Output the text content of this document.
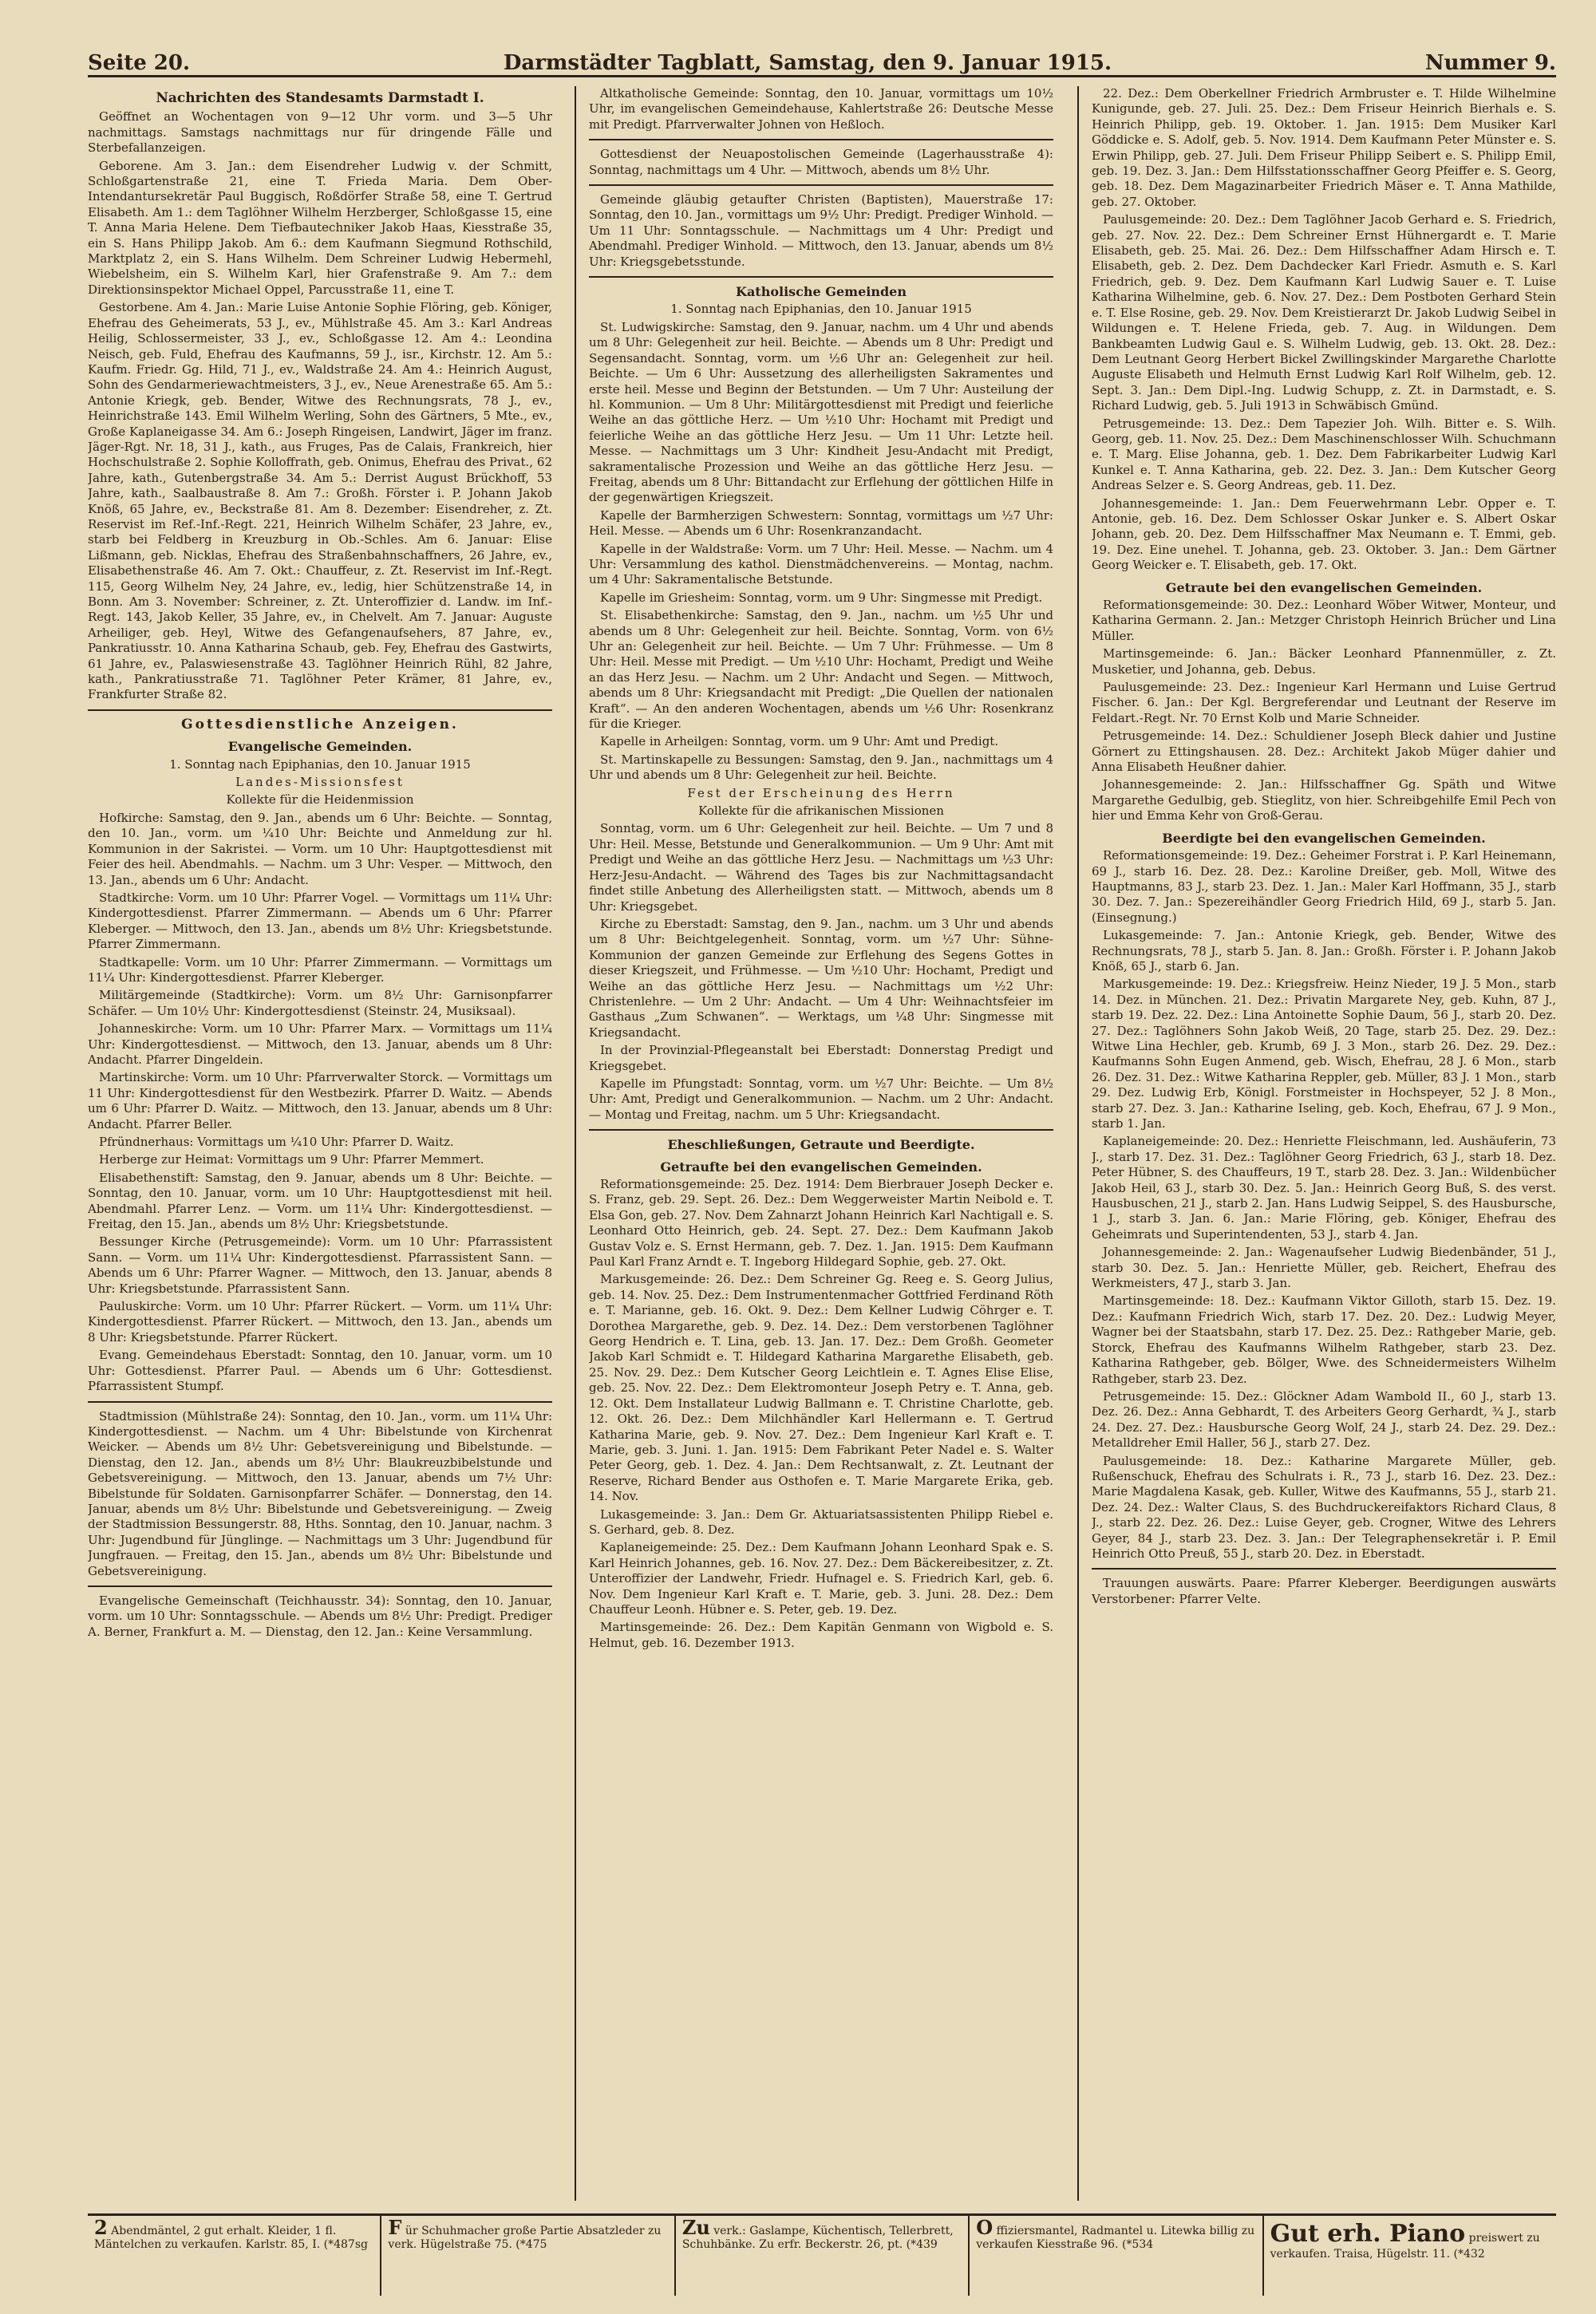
Seite 20.	Darmstädter Tagblatt, Samstag, den 9. Januar 1915.	Nummer 9.
Nachrichten des Standesamts Darmstadt I.

Geöffnet an Wochentagen von 9—12 Uhr vorm. und 3—5 Uhr nachmittags. Samstags nachmittags nur für dringende Fälle und Sterbefallanzeigen.

Geborene. Am 3. Jan.: dem Eisendreher Ludwig v. der Schmitt, Schloßgartenstraße 21, eine T. Frieda Maria. Dem Ober-Intendantursekretär Paul Buggisch, Roßdörfer Straße 58, eine T. Gertrud Elisabeth. Am 1.: dem Taglöhner Wilhelm Herzberger, Schloßgasse 15, eine T. Anna Maria Helene. Dem Tiefbautechniker Jakob Haas, Kiesstraße 35, ein S. Hans Philipp Jakob. Am 6.: dem Kaufmann Siegmund Rothschild, Marktplatz 2, ein S. Hans Wilhelm. Dem Schreiner Ludwig Hebermehl, Wiebelsheim, ein S. Wilhelm Karl, hier Grafenstraße 9. Am 7.: dem Direktionsinspektor Michael Oppel, Parcusstraße 11, eine T.

Gestorbene. Am 4. Jan.: Marie Luise Antonie Sophie Flöring, geb. Königer, Ehefrau des Geheimerats, 53 J., ev., Mühlstraße 45. Am 3.: Karl Andreas Heilig, Schlossermeister, 33 J., ev., Schloßgasse 12. Am 4.: Leondina Neisch, geb. Fuld, Ehefrau des Kaufmanns, 59 J., isr., Kirchstr. 12. Am 5.: Kaufm. Friedr. Gg. Hild, 71 J., ev., Waldstraße 24. Am 4.: Heinrich August, Sohn des Gendarmeriewachtmeisters, 3 J., ev., Neue Arenestraße 65. Am 5.: Antonie Kriegk, geb. Bender, Witwe des Rechnungsrats, 78 J., ev., Heinrichstraße 143. Emil Wilhelm Werling, Sohn des Gärtners, 5 Mte., ev., Große Kaplaneigasse 34. Am 6.: Joseph Ringeisen, Landwirt, Jäger im franz. Jäger-Rgt. Nr. 18, 31 J., kath., aus Fruges, Pas de Calais, Frankreich, hier Hochschulstraße 2. Sophie Kolloffrath, geb. Onimus, Ehefrau des Privat., 62 Jahre, kath., Gutenbergstraße 34. Am 5.: Derrist August Brückhoff, 53 Jahre, kath., Saalbaustraße 8. Am 7.: Großh. Förster i. P. Johann Jakob Knöß, 65 Jahre, ev., Beckstraße 81. Am 8. Dezember: Eisendreher, z. Zt. Reservist im Ref.-Inf.-Regt. 221, Heinrich Wilhelm Schäfer, 23 Jahre, ev., starb bei Feldberg in Kreuzburg in Ob.-Schles. Am 6. Januar: Elise Lißmann, geb. Nicklas, Ehefrau des Straßenbahnschaffners, 26 Jahre, ev., Elisabethenstraße 46. Am 7. Okt.: Chauffeur, z. Zt. Reservist im Inf.-Regt. 115, Georg Wilhelm Ney, 24 Jahre, ev., ledig, hier Schützenstraße 14, in Bonn. Am 3. November: Schreiner, z. Zt. Unteroffizier d. Landw. im Inf.-Regt. 143, Jakob Keller, 35 Jahre, ev., in Chelvelt. Am 7. Januar: Auguste Arheiliger, geb. Heyl, Witwe des Gefangenaufsehers, 87 Jahre, ev., Pankratiusstr. 10. Anna Katharina Schaub, geb. Fey, Ehefrau des Gastwirts, 61 Jahre, ev., Palaswiesenstraße 43. Taglöhner Heinrich Rühl, 82 Jahre, kath., Pankratiusstraße 71. Taglöhner Peter Krämer, 81 Jahre, ev., Frankfurter Straße 82.

Gottesdienstliche Anzeigen.
Evangelische Gemeinden.

1. Sonntag nach Epiphanias, den 10. Januar 1915

Landes-Missionsfest

Kollekte für die Heidenmission

Hofkirche: Samstag, den 9. Jan., abends um 6 Uhr: Beichte. — Sonntag, den 10. Jan., vorm. um ¼10 Uhr: Beichte und Anmeldung zur hl. Kommunion in der Sakristei. — Vorm. um 10 Uhr: Hauptgottesdienst mit Feier des heil. Abendmahls. — Nachm. um 3 Uhr: Vesper. — Mittwoch, den 13. Jan., abends um 6 Uhr: Andacht.

Stadtkirche: Vorm. um 10 Uhr: Pfarrer Vogel. — Vormittags um 11¼ Uhr: Kindergottesdienst. Pfarrer Zimmermann. — Abends um 6 Uhr: Pfarrer Kleberger. — Mittwoch, den 13. Jan., abends um 8½ Uhr: Kriegsbetstunde. Pfarrer Zimmermann.

Stadtkapelle: Vorm. um 10 Uhr: Pfarrer Zimmermann. — Vormittags um 11¼ Uhr: Kindergottesdienst. Pfarrer Kleberger.

Militärgemeinde (Stadtkirche): Vorm. um 8½ Uhr: Garnisonpfarrer Schäfer. — Um 10½ Uhr: Kindergottesdienst (Steinstr. 24, Musiksaal).

Johanneskirche: Vorm. um 10 Uhr: Pfarrer Marx. — Vormittags um 11¼ Uhr: Kindergottesdienst. — Mittwoch, den 13. Januar, abends um 8 Uhr: Andacht. Pfarrer Dingeldein.

Martinskirche: Vorm. um 10 Uhr: Pfarrverwalter Storck. — Vormittags um 11 Uhr: Kindergottesdienst für den Westbezirk. Pfarrer D. Waitz. — Abends um 6 Uhr: Pfarrer D. Waitz. — Mittwoch, den 13. Januar, abends um 8 Uhr: Andacht. Pfarrer Beller.

Pfründnerhaus: Vormittags um ¼10 Uhr: Pfarrer D. Waitz.

Herberge zur Heimat: Vormittags um 9 Uhr: Pfarrer Memmert.

Elisabethenstift: Samstag, den 9. Januar, abends um 8 Uhr: Beichte. — Sonntag, den 10. Januar, vorm. um 10 Uhr: Hauptgottesdienst mit heil. Abendmahl. Pfarrer Lenz. — Vorm. um 11¼ Uhr: Kindergottesdienst. — Freitag, den 15. Jan., abends um 8½ Uhr: Kriegsbetstunde.

Bessunger Kirche (Petrusgemeinde): Vorm. um 10 Uhr: Pfarrassistent Sann. — Vorm. um 11¼ Uhr: Kindergottesdienst. Pfarrassistent Sann. — Abends um 6 Uhr: Pfarrer Wagner. — Mittwoch, den 13. Januar, abends 8 Uhr: Kriegsbetstunde. Pfarrassistent Sann.

Pauluskirche: Vorm. um 10 Uhr: Pfarrer Rückert. — Vorm. um 11¼ Uhr: Kindergottesdienst. Pfarrer Rückert. — Mittwoch, den 13. Jan., abends um 8 Uhr: Kriegsbetstunde. Pfarrer Rückert.

Evang. Gemeindehaus Eberstadt: Sonntag, den 10. Januar, vorm. um 10 Uhr: Gottesdienst. Pfarrer Paul. — Abends um 6 Uhr: Gottesdienst. Pfarrassistent Stumpf.

Stadtmission (Mühlstraße 24): Sonntag, den 10. Jan., vorm. um 11¼ Uhr: Kindergottesdienst. — Nachm. um 4 Uhr: Bibelstunde von Kirchenrat Weicker. — Abends um 8½ Uhr: Gebetsvereinigung und Bibelstunde. — Dienstag, den 12. Jan., abends um 8½ Uhr: Blaukreuzbibelstunde und Gebetsvereinigung. — Mittwoch, den 13. Januar, abends um 7½ Uhr: Bibelstunde für Soldaten. Garnisonpfarrer Schäfer. — Donnerstag, den 14. Januar, abends um 8½ Uhr: Bibelstunde und Gebetsvereinigung. — Zweig der Stadtmission Bessungerstr. 88, Hths. Sonntag, den 10. Januar, nachm. 3 Uhr: Jugendbund für Jünglinge. — Nachmittags um 3 Uhr: Jugendbund für Jungfrauen. — Freitag, den 15. Jan., abends um 8½ Uhr: Bibelstunde und Gebetsvereinigung.

Evangelische Gemeinschaft (Teichhausstr. 34): Sonntag, den 10. Januar, vorm. um 10 Uhr: Sonntagsschule. — Abends um 8½ Uhr: Predigt. Prediger A. Berner, Frankfurt a. M. — Dienstag, den 12. Jan.: Keine Versammlung.

Altkatholische Gemeinde: Sonntag, den 10. Januar, vormittags um 10½ Uhr, im evangelischen Gemeindehause, Kahlertstraße 26: Deutsche Messe mit Predigt. Pfarrverwalter Johnen von Heßloch.

Gottesdienst der Neuapostolischen Gemeinde (Lagerhausstraße 4): Sonntag, nachmittags um 4 Uhr. — Mittwoch, abends um 8½ Uhr.

Gemeinde gläubig getaufter Christen (Baptisten), Mauerstraße 17: Sonntag, den 10. Jan., vormittags um 9½ Uhr: Predigt. Prediger Winhold. — Um 11 Uhr: Sonntagsschule. — Nachmittags um 4 Uhr: Predigt und Abendmahl. Prediger Winhold. — Mittwoch, den 13. Januar, abends um 8½ Uhr: Kriegsgebetsstunde.

Katholische Gemeinden

1. Sonntag nach Epiphanias, den 10. Januar 1915

St. Ludwigskirche: Samstag, den 9. Januar, nachm. um 4 Uhr und abends um 8 Uhr: Gelegenheit zur heil. Beichte. — Abends um 8 Uhr: Predigt und Segensandacht. Sonntag, vorm. um ½6 Uhr an: Gelegenheit zur heil. Beichte. — Um 6 Uhr: Aussetzung des allerheiligsten Sakramentes und erste heil. Messe und Beginn der Betstunden. — Um 7 Uhr: Austeilung der hl. Kommunion. — Um 8 Uhr: Militärgottesdienst mit Predigt und feierliche Weihe an das göttliche Herz. — Um ½10 Uhr: Hochamt mit Predigt und feierliche Weihe an das göttliche Herz Jesu. — Um 11 Uhr: Letzte heil. Messe. — Nachmittags um 3 Uhr: Kindheit Jesu-Andacht mit Predigt, sakramentalische Prozession und Weihe an das göttliche Herz Jesu. — Freitag, abends um 8 Uhr: Bittandacht zur Erflehung der göttlichen Hilfe in der gegenwärtigen Kriegszeit.

Kapelle der Barmherzigen Schwestern: Sonntag, vormittags um ½7 Uhr: Heil. Messe. — Abends um 6 Uhr: Rosenkranzandacht.

Kapelle in der Waldstraße: Vorm. um 7 Uhr: Heil. Messe. — Nachm. um 4 Uhr: Versammlung des kathol. Dienstmädchenvereins. — Montag, nachm. um 4 Uhr: Sakramentalische Betstunde.

Kapelle im Griesheim: Sonntag, vorm. um 9 Uhr: Singmesse mit Predigt.

St. Elisabethenkirche: Samstag, den 9. Jan., nachm. um ½5 Uhr und abends um 8 Uhr: Gelegenheit zur heil. Beichte. Sonntag, Vorm. von 6½ Uhr an: Gelegenheit zur heil. Beichte. — Um 7 Uhr: Frühmesse. — Um 8 Uhr: Heil. Messe mit Predigt. — Um ½10 Uhr: Hochamt, Predigt und Weihe an das Herz Jesu. — Nachm. um 2 Uhr: Andacht und Segen. — Mittwoch, abends um 8 Uhr: Kriegsandacht mit Predigt: „Die Quellen der nationalen Kraft“. — An den anderen Wochentagen, abends um ½6 Uhr: Rosenkranz für die Krieger.

Kapelle in Arheilgen: Sonntag, vorm. um 9 Uhr: Amt und Predigt.

St. Martinskapelle zu Bessungen: Samstag, den 9. Jan., nachmittags um 4 Uhr und abends um 8 Uhr: Gelegenheit zur heil. Beichte.

Fest der Erscheinung des Herrn

Kollekte für die afrikanischen Missionen

Sonntag, vorm. um 6 Uhr: Gelegenheit zur heil. Beichte. — Um 7 und 8 Uhr: Heil. Messe, Betstunde und Generalkommunion. — Um 9 Uhr: Amt mit Predigt und Weihe an das göttliche Herz Jesu. — Nachmittags um ½3 Uhr: Herz-Jesu-Andacht. — Während des Tages bis zur Nachmittagsandacht findet stille Anbetung des Allerheiligsten statt. — Mittwoch, abends um 8 Uhr: Kriegsgebet.

Kirche zu Eberstadt: Samstag, den 9. Jan., nachm. um 3 Uhr und abends um 8 Uhr: Beichtgelegenheit. Sonntag, vorm. um ½7 Uhr: Sühne-Kommunion der ganzen Gemeinde zur Erflehung des Segens Gottes in dieser Kriegszeit, und Frühmesse. — Um ½10 Uhr: Hochamt, Predigt und Weihe an das göttliche Herz Jesu. — Nachmittags um ½2 Uhr: Christenlehre. — Um 2 Uhr: Andacht. — Um 4 Uhr: Weihnachtsfeier im Gasthaus „Zum Schwanen“. — Werktags, um ¼8 Uhr: Singmesse mit Kriegsandacht.

In der Provinzial-Pflegeanstalt bei Eberstadt: Donnerstag Predigt und Kriegsgebet.

Kapelle im Pfungstadt: Sonntag, vorm. um ½7 Uhr: Beichte. — Um 8½ Uhr: Amt, Predigt und Generalkommunion. — Nachm. um 2 Uhr: Andacht. — Montag und Freitag, nachm. um 5 Uhr: Kriegsandacht.

Eheschließungen, Getraute und Beerdigte.
Getraufte bei den evangelischen Gemeinden.

Reformationsgemeinde: 25. Dez. 1914: Dem Bierbrauer Joseph Decker e. S. Franz, geb. 29. Sept. 26. Dez.: Dem Weggerweister Martin Neibold e. T. Elsa Gon, geb. 27. Nov. Dem Zahnarzt Johann Heinrich Karl Nachtigall e. S. Leonhard Otto Heinrich, geb. 24. Sept. 27. Dez.: Dem Kaufmann Jakob Gustav Volz e. S. Ernst Hermann, geb. 7. Dez. 1. Jan. 1915: Dem Kaufmann Paul Karl Franz Arndt e. T. Ingeborg Hildegard Sophie, geb. 27. Okt.

Markusgemeinde: 26. Dez.: Dem Schreiner Gg. Reeg e. S. Georg Julius, geb. 14. Nov. 25. Dez.: Dem Instrumentenmacher Gottfried Ferdinand Röth e. T. Marianne, geb. 16. Okt. 9. Dez.: Dem Kellner Ludwig Cöhrger e. T. Dorothea Margarethe, geb. 9. Dez. 14. Dez.: Dem verstorbenen Taglöhner Georg Hendrich e. T. Lina, geb. 13. Jan. 17. Dez.: Dem Großh. Geometer Jakob Karl Schmidt e. T. Hildegard Katharina Margarethe Elisabeth, geb. 25. Nov. 29. Dez.: Dem Kutscher Georg Leichtlein e. T. Agnes Elise Elise, geb. 25. Nov. 22. Dez.: Dem Elektromonteur Joseph Petry e. T. Anna, geb. 12. Okt. Dem Installateur Ludwig Ballmann e. T. Christine Charlotte, geb. 12. Okt. 26. Dez.: Dem Milchhändler Karl Hellermann e. T. Gertrud Katharina Marie, geb. 9. Nov. 27. Dez.: Dem Ingenieur Karl Kraft e. T. Marie, geb. 3. Juni. 1. Jan. 1915: Dem Fabrikant Peter Nadel e. S. Walter Peter Georg, geb. 1. Dez. 4. Jan.: Dem Rechtsanwalt, z. Zt. Leutnant der Reserve, Richard Bender aus Osthofen e. T. Marie Margarete Erika, geb. 14. Nov.

Lukasgemeinde: 3. Jan.: Dem Gr. Aktuariatsassistenten Philipp Riebel e. S. Gerhard, geb. 8. Dez.

Kaplaneigemeinde: 25. Dez.: Dem Kaufmann Johann Leonhard Spak e. S. Karl Heinrich Johannes, geb. 16. Nov. 27. Dez.: Dem Bäckereibesitzer, z. Zt. Unteroffizier der Landwehr, Friedr. Hufnagel e. S. Friedrich Karl, geb. 6. Nov. Dem Ingenieur Karl Kraft e. T. Marie, geb. 3. Juni. 28. Dez.: Dem Chauffeur Leonh. Hübner e. S. Peter, geb. 19. Dez.

Martinsgemeinde: 26. Dez.: Dem Kapitän Genmann von Wigbold e. S. Helmut, geb. 16. Dezember 1913.

22. Dez.: Dem Oberkellner Friedrich Armbruster e. T. Hilde Wilhelmine Kunigunde, geb. 27. Juli. 25. Dez.: Dem Friseur Heinrich Bierhals e. S. Heinrich Philipp, geb. 19. Oktober. 1. Jan. 1915: Dem Musiker Karl Göddicke e. S. Adolf, geb. 5. Nov. 1914. Dem Kaufmann Peter Münster e. S. Erwin Philipp, geb. 27. Juli. Dem Friseur Philipp Seibert e. S. Philipp Emil, geb. 19. Dez. 3. Jan.: Dem Hilfsstationsschaffner Georg Pfeiffer e. S. Georg, geb. 18. Dez. Dem Magazinarbeiter Friedrich Mäser e. T. Anna Mathilde, geb. 27. Oktober.

Paulusgemeinde: 20. Dez.: Dem Taglöhner Jacob Gerhard e. S. Friedrich, geb. 27. Nov. 22. Dez.: Dem Schreiner Ernst Hühnergardt e. T. Marie Elisabeth, geb. 25. Mai. 26. Dez.: Dem Hilfsschaffner Adam Hirsch e. T. Elisabeth, geb. 2. Dez. Dem Dachdecker Karl Friedr. Asmuth e. S. Karl Friedrich, geb. 9. Dez. Dem Kaufmann Karl Ludwig Sauer e. T. Luise Katharina Wilhelmine, geb. 6. Nov. 27. Dez.: Dem Postboten Gerhard Stein e. T. Else Rosine, geb. 29. Nov. Dem Kreistierarzt Dr. Jakob Ludwig Seibel in Wildungen e. T. Helene Frieda, geb. 7. Aug. in Wildungen. Dem Bankbeamten Ludwig Gaul e. S. Wilhelm Ludwig, geb. 13. Okt. 28. Dez.: Dem Leutnant Georg Herbert Bickel Zwillingskinder Margarethe Charlotte Auguste Elisabeth und Helmuth Ernst Ludwig Karl Rolf Wilhelm, geb. 12. Sept. 3. Jan.: Dem Dipl.-Ing. Ludwig Schupp, z. Zt. in Darmstadt, e. S. Richard Ludwig, geb. 5. Juli 1913 in Schwäbisch Gmünd.

Petrusgemeinde: 13. Dez.: Dem Tapezier Joh. Wilh. Bitter e. S. Wilh. Georg, geb. 11. Nov. 25. Dez.: Dem Maschinenschlosser Wilh. Schuchmann e. T. Marg. Elise Johanna, geb. 1. Dez. Dem Fabrikarbeiter Ludwig Karl Kunkel e. T. Anna Katharina, geb. 22. Dez. 3. Jan.: Dem Kutscher Georg Andreas Selzer e. S. Georg Andreas, geb. 11. Dez.

Johannesgemeinde: 1. Jan.: Dem Feuerwehrmann Lebr. Opper e. T. Antonie, geb. 16. Dez. Dem Schlosser Oskar Junker e. S. Albert Oskar Johann, geb. 20. Dez. Dem Hilfsschaffner Max Neumann e. T. Emmi, geb. 19. Dez. Eine unehel. T. Johanna, geb. 23. Oktober. 3. Jan.: Dem Gärtner Georg Weicker e. T. Elisabeth, geb. 17. Okt.

Getraute bei den evangelischen Gemeinden.

Reformationsgemeinde: 30. Dez.: Leonhard Wöber Witwer, Monteur, und Katharina Germann. 2. Jan.: Metzger Christoph Heinrich Brücher und Lina Müller.

Martinsgemeinde: 6. Jan.: Bäcker Leonhard Pfannenmüller, z. Zt. Musketier, und Johanna, geb. Debus.

Paulusgemeinde: 23. Dez.: Ingenieur Karl Hermann und Luise Gertrud Fischer. 6. Jan.: Der Kgl. Bergreferendar und Leutnant der Reserve im Feldart.-Regt. Nr. 70 Ernst Kolb und Marie Schneider.

Petrusgemeinde: 14. Dez.: Schuldiener Joseph Bleck dahier und Justine Görnert zu Ettingshausen. 28. Dez.: Architekt Jakob Müger dahier und Anna Elisabeth Heußner dahier.

Johannesgemeinde: 2. Jan.: Hilfsschaffner Gg. Späth und Witwe Margarethe Gedulbig, geb. Stieglitz, von hier. Schreibgehilfe Emil Pech von hier und Emma Kehr von Groß-Gerau.

Beerdigte bei den evangelischen Gemeinden.

Reformationsgemeinde: 19. Dez.: Geheimer Forstrat i. P. Karl Heinemann, 69 J., starb 16. Dez. 28. Dez.: Karoline Dreißer, geb. Moll, Witwe des Hauptmanns, 83 J., starb 23. Dez. 1. Jan.: Maler Karl Hoffmann, 35 J., starb 30. Dez. 7. Jan.: Spezereihändler Georg Friedrich Hild, 69 J., starb 5. Jan. (Einsegnung.)

Lukasgemeinde: 7. Jan.: Antonie Kriegk, geb. Bender, Witwe des Rechnungsrats, 78 J., starb 5. Jan. 8. Jan.: Großh. Förster i. P. Johann Jakob Knöß, 65 J., starb 6. Jan.

Markusgemeinde: 19. Dez.: Kriegsfreiw. Heinz Nieder, 19 J. 5 Mon., starb 14. Dez. in München. 21. Dez.: Privatin Margarete Ney, geb. Kuhn, 87 J., starb 19. Dez. 22. Dez.: Lina Antoinette Sophie Daum, 56 J., starb 20. Dez. 27. Dez.: Taglöhners Sohn Jakob Weiß, 20 Tage, starb 25. Dez. 29. Dez.: Witwe Lina Hechler, geb. Krumb, 69 J. 3 Mon., starb 26. Dez. 29. Dez.: Kaufmanns Sohn Eugen Anmend, geb. Wisch, Ehefrau, 28 J. 6 Mon., starb 26. Dez. 31. Dez.: Witwe Katharina Reppler, geb. Müller, 83 J. 1 Mon., starb 29. Dez. Ludwig Erb, Königl. Forstmeister in Hochspeyer, 52 J. 8 Mon., starb 27. Dez. 3. Jan.: Katharine Iseling, geb. Koch, Ehefrau, 67 J. 9 Mon., starb 1. Jan.

Kaplaneigemeinde: 20. Dez.: Henriette Fleischmann, led. Aushäuferin, 73 J., starb 17. Dez. 31. Dez.: Taglöhner Georg Friedrich, 63 J., starb 18. Dez. Peter Hübner, S. des Chauffeurs, 19 T., starb 28. Dez. 3. Jan.: Wildenbücher Jakob Heil, 63 J., starb 30. Dez. 5. Jan.: Heinrich Georg Buß, S. des verst. Hausbuschen, 21 J., starb 2. Jan. Hans Ludwig Seippel, S. des Hausbursche, 1 J., starb 3. Jan. 6. Jan.: Marie Flöring, geb. Königer, Ehefrau des Geheimrats und Superintendenten, 53 J., starb 4. Jan.

Johannesgemeinde: 2. Jan.: Wagenaufseher Ludwig Biedenbänder, 51 J., starb 30. Dez. 5. Jan.: Henriette Müller, geb. Reichert, Ehefrau des Werkmeisters, 47 J., starb 3. Jan.

Martinsgemeinde: 18. Dez.: Kaufmann Viktor Gilloth, starb 15. Dez. 19. Dez.: Kaufmann Friedrich Wich, starb 17. Dez. 20. Dez.: Ludwig Meyer, Wagner bei der Staatsbahn, starb 17. Dez. 25. Dez.: Rathgeber Marie, geb. Storck, Ehefrau des Kaufmanns Wilhelm Rathgeber, starb 23. Dez. Katharina Rathgeber, geb. Bölger, Wwe. des Schneidermeisters Wilhelm Rathgeber, starb 23. Dez.

Petrusgemeinde: 15. Dez.: Glöckner Adam Wambold II., 60 J., starb 13. Dez. 26. Dez.: Anna Gebhardt, T. des Arbeiters Georg Gerhardt, ¾ J., starb 24. Dez. 27. Dez.: Hausbursche Georg Wolf, 24 J., starb 24. Dez. 29. Dez.: Metalldreher Emil Haller, 56 J., starb 27. Dez.

Paulusgemeinde: 18. Dez.: Katharine Margarete Müller, geb. Rußenschuck, Ehefrau des Schulrats i. R., 73 J., starb 16. Dez. 23. Dez.: Marie Magdalena Kasak, geb. Kuller, Witwe des Kaufmanns, 55 J., starb 21. Dez. 24. Dez.: Walter Claus, S. des Buchdruckereifaktors Richard Claus, 8 J., starb 22. Dez. 26. Dez.: Luise Geyer, geb. Crogner, Witwe des Lehrers Geyer, 84 J., starb 23. Dez. 3. Jan.: Der Telegraphensekretär i. P. Emil Heinrich Otto Preuß, 55 J., starb 20. Dez. in Eberstadt.

Trauungen auswärts. Paare: Pfarrer Kleberger. Beerdigungen auswärts Verstorbener: Pfarrer Velte.

2 Abendmäntel, 2 gut erhalt. Kleider, 1 fl. Mäntelchen zu verkaufen. Karlstr. 85, I. (*487sg
F ür Schuhmacher große Partie Absatzleder zu verk. Hügelstraße 75. (*475
Zu verk.: Gaslampe, Küchentisch, Tellerbrett, Schuhbänke. Zu erfr. Beckerstr. 26, pt. (*439
O ffiziersmantel, Radmantel u. Litewka billig zu verkaufen Kiesstraße 96. (*534	Gut erh. Piano preiswert zu verkaufen. Traisa, Hügelstr. 11. (*432
